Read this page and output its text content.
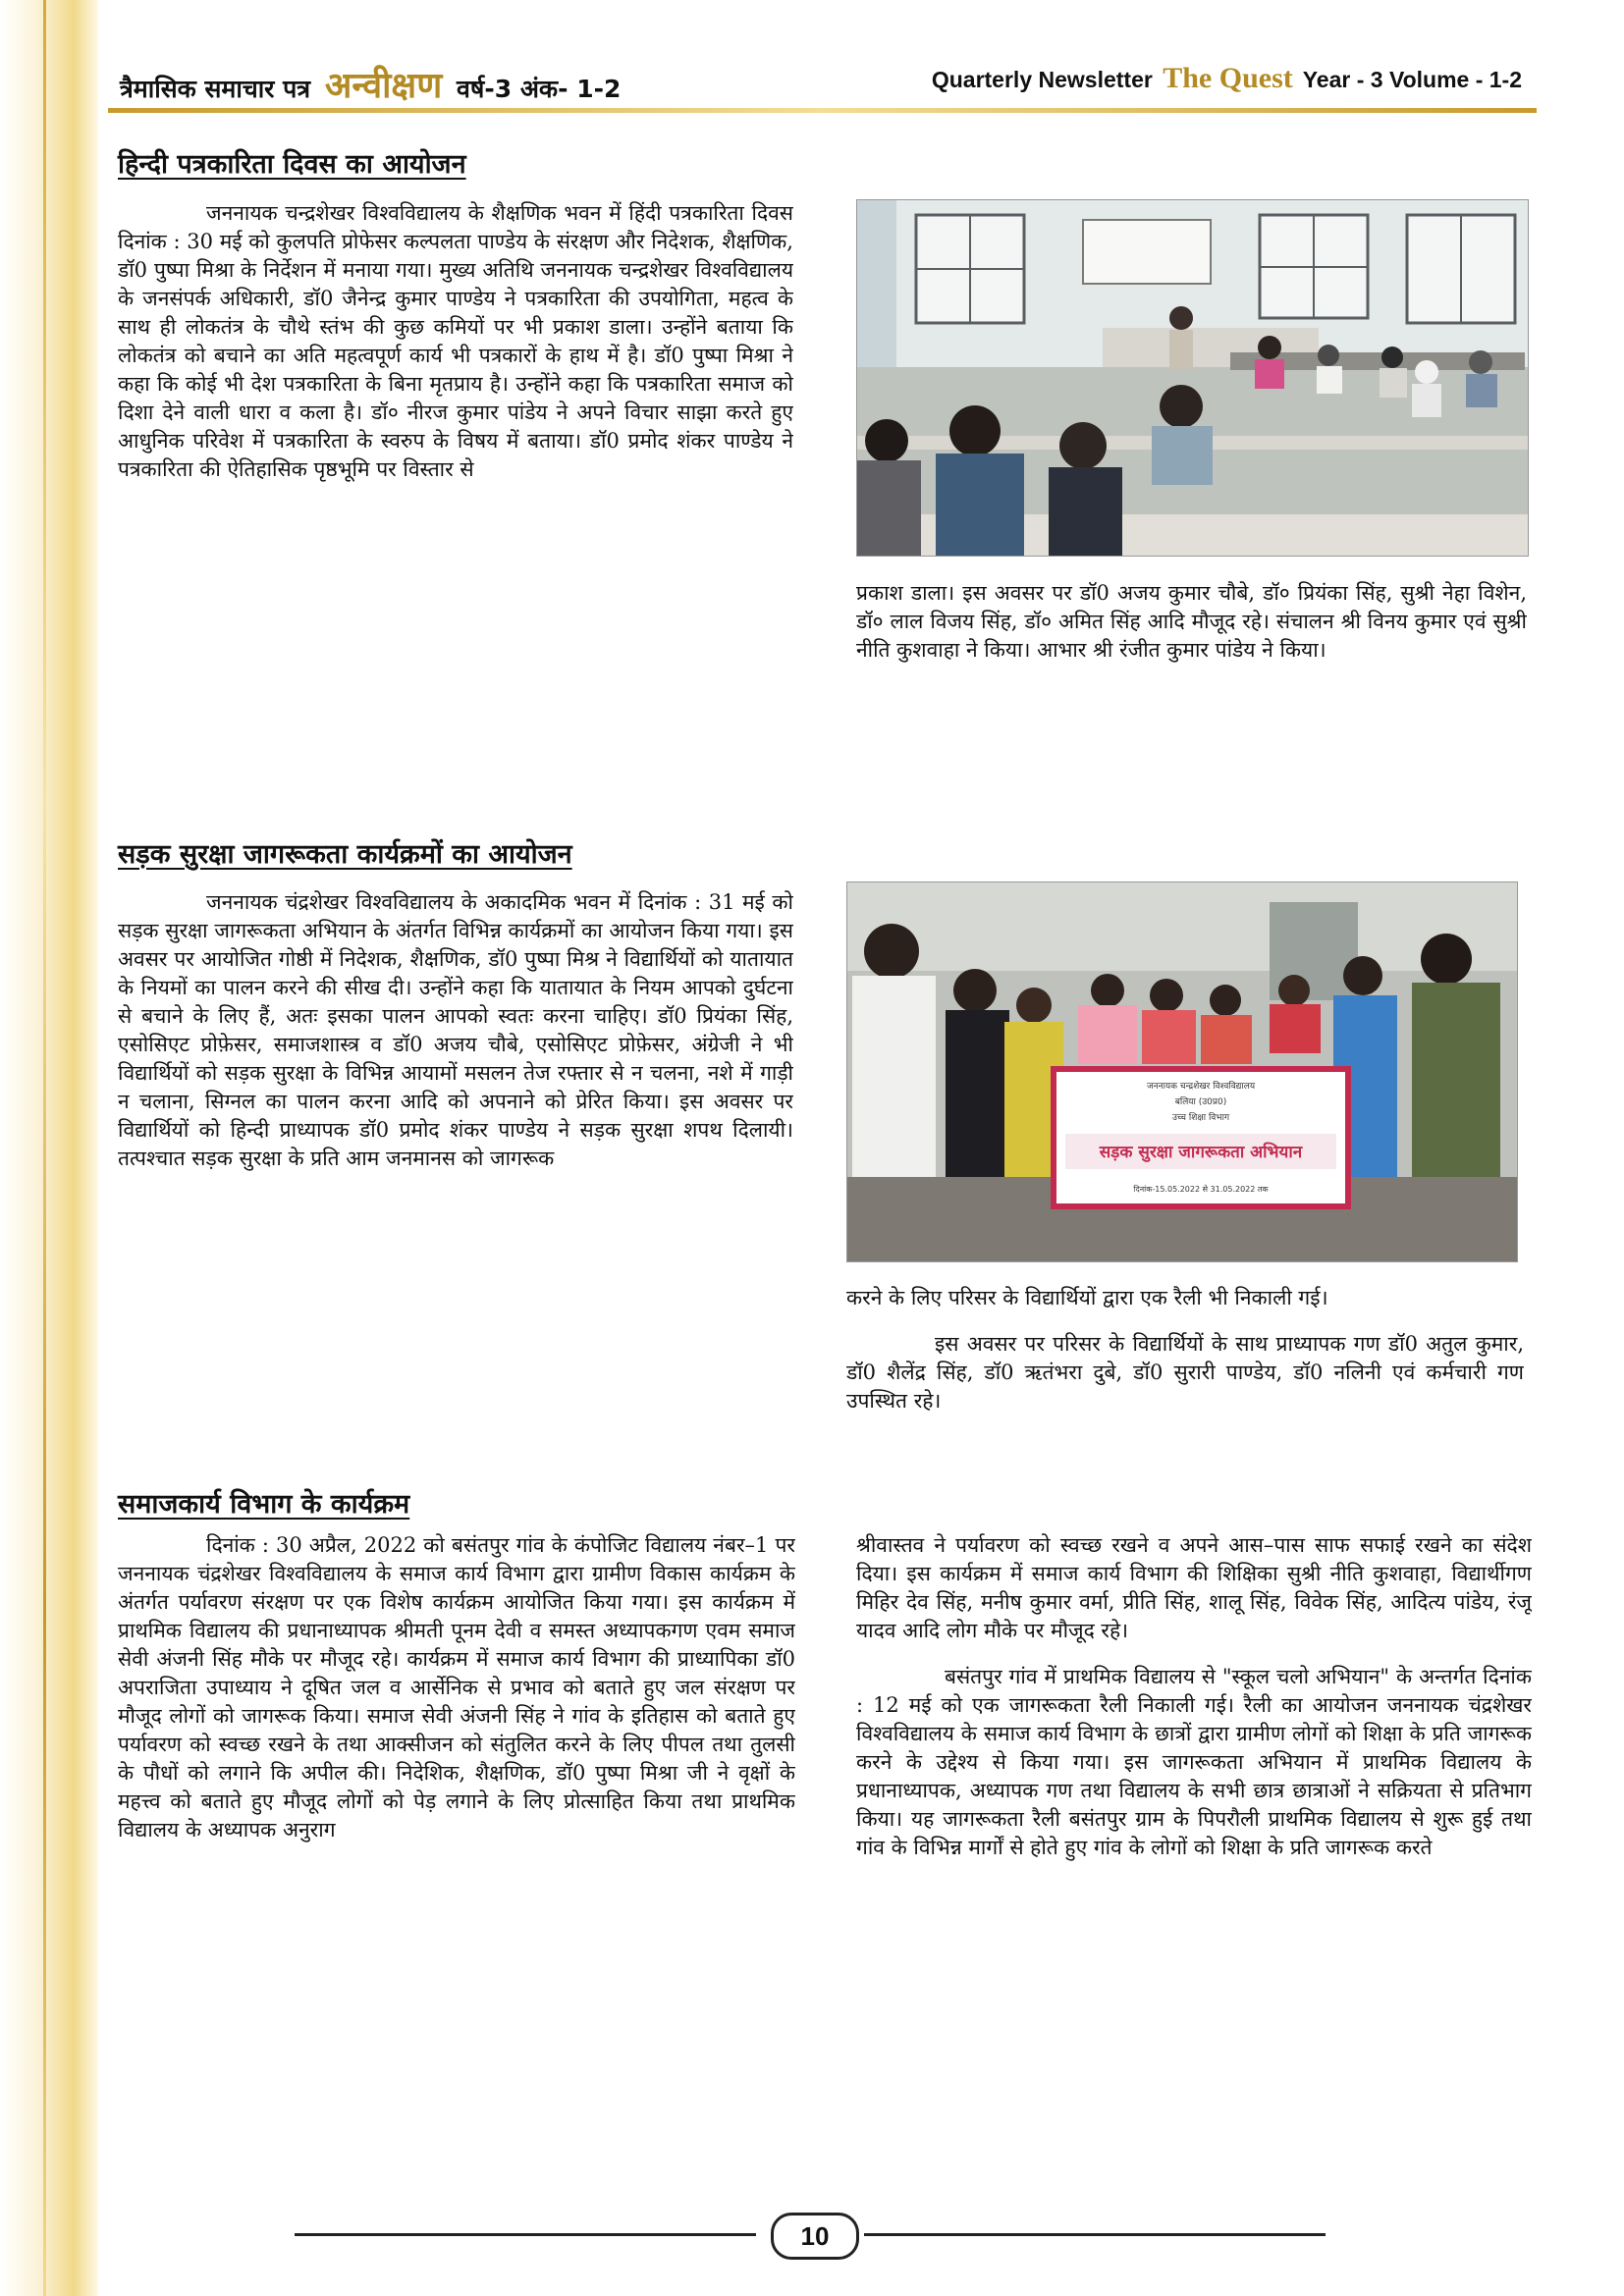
त्रैमासिक समाचार पत्र अन्वीक्षण वर्ष-3 अंक- 1-2	Quarterly Newsletter The Quest Year - 3 Volume - 1-2
हिन्दी पत्रकारिता दिवस का आयोजन

जननायक चन्द्रशेखर विश्वविद्यालय के शैक्षणिक भवन में हिंदी पत्रकारिता दिवस दिनांक : 30 मई को कुलपति प्रोफेसर कल्पलता पाण्डेय के संरक्षण और निदेशक, शैक्षणिक, डॉ0 पुष्पा मिश्रा के निर्देशन में मनाया गया। मुख्य अतिथि जननायक चन्द्रशेखर विश्वविद्यालय के जनसंपर्क अधिकारी, डॉ0 जैनेन्द्र कुमार पाण्डेय ने पत्रकारिता की उपयोगिता, महत्व के साथ ही लोकतंत्र के चौथे स्तंभ की कुछ कमियों पर भी प्रकाश डाला। उन्होंने बताया कि लोकतंत्र को बचाने का अति महत्वपूर्ण कार्य भी पत्रकारों के हाथ में है। डॉ0 पुष्पा मिश्रा ने कहा कि कोई भी देश पत्रकारिता के बिना मृतप्राय है। उन्होंने कहा कि पत्रकारिता समाज को दिशा देने वाली धारा व कला है। डॉ० नीरज कुमार पांडेय ने अपने विचार साझा करते हुए आधुनिक परिवेश में पत्रकारिता के स्वरुप के विषय में बताया। डॉ0 प्रमोद शंकर पाण्डेय ने पत्रकारिता की ऐतिहासिक पृष्ठभूमि पर विस्तार से

प्रकाश डाला। इस अवसर पर डॉ0 अजय कुमार चौबे, डॉ० प्रियंका सिंह, सुश्री नेहा विशेन, डॉ० लाल विजय सिंह, डॉ० अमित सिंह आदि मौजूद रहे। संचालन श्री विनय कुमार एवं सुश्री नीति कुशवाहा ने किया। आभार श्री रंजीत कुमार पांडेय ने किया।

सड़क सुरक्षा जागरूकता कार्यक्रमों का आयोजन

जननायक चंद्रशेखर विश्वविद्यालय के अकादमिक भवन में दिनांक : 31 मई को सड़क सुरक्षा जागरूकता अभियान के अंतर्गत विभिन्न कार्यक्रमों का आयोजन किया गया। इस अवसर पर आयोजित गोष्ठी में निदेशक, शैक्षणिक, डॉ0 पुष्पा मिश्र ने विद्यार्थियों को यातायात के नियमों का पालन करने की सीख दी। उन्होंने कहा कि यातायात के नियम आपको दुर्घटना से बचाने के लिए हैं, अतः इसका पालन आपको स्वतः करना चाहिए। डॉ0 प्रियंका सिंह, एसोसिएट प्रोफ़ेसर, समाजशास्त्र व डॉ0 अजय चौबे, एसोसिएट प्रोफ़ेसर, अंग्रेजी ने भी विद्यार्थियों को सड़क सुरक्षा के विभिन्न आयामों मसलन तेज रफ्तार से न चलना, नशे में गाड़ी न चलाना, सिग्नल का पालन करना आदि को अपनाने को प्रेरित किया। इस अवसर पर विद्यार्थियों को हिन्दी प्राध्यापक डॉ0 प्रमोद शंकर पाण्डेय ने सड़क सुरक्षा शपथ दिलायी। तत्पश्चात सड़क सुरक्षा के प्रति आम जनमानस को जागरूक

जननायक चन्द्रशेखर विश्वविद्यालय
बलिया (उ0प्र0)
उच्च शिक्षा विभाग
सड़क सुरक्षा जागरूकता अभियान
दिनांक-15.05.2022 से 31.05.2022 तक

करने के लिए परिसर के विद्यार्थियों द्वारा एक रैली भी निकाली गई।

इस अवसर पर परिसर के विद्यार्थियों के साथ प्राध्यापक गण डॉ0 अतुल कुमार, डॉ0 शैलेंद्र सिंह, डॉ0 ऋतंभरा दुबे, डॉ0 सुरारी पाण्डेय, डॉ0 नलिनी एवं कर्मचारी गण उपस्थित रहे।

समाजकार्य विभाग के कार्यक्रम

दिनांक : 30 अप्रैल, 2022 को बसंतपुर गांव के कंपोजिट विद्यालय नंबर–1 पर जननायक चंद्रशेखर विश्वविद्यालय के समाज कार्य विभाग द्वारा ग्रामीण विकास कार्यक्रम के अंतर्गत पर्यावरण संरक्षण पर एक विशेष कार्यक्रम आयोजित किया गया। इस कार्यक्रम में प्राथमिक विद्यालय की प्रधानाध्यापक श्रीमती पूनम देवी व समस्त अध्यापकगण एवम समाज सेवी अंजनी सिंह मौके पर मौजूद रहे। कार्यक्रम में समाज कार्य विभाग की प्राध्यापिका डॉ0 अपराजिता उपाध्याय ने दूषित जल व आर्सेनिक से प्रभाव को बताते हुए जल संरक्षण पर मौजूद लोगों को जागरूक किया। समाज सेवी अंजनी सिंह ने गांव के इतिहास को बताते हुए पर्यावरण को स्वच्छ रखने के तथा आक्सीजन को संतुलित करने के लिए पीपल तथा तुलसी के पौधों को लगाने कि अपील की। निदेशिक, शैक्षणिक, डॉ0 पुष्पा मिश्रा जी ने वृक्षों के महत्त्व को बताते हुए मौजूद लोगों को पेड़ लगाने के लिए प्रोत्साहित किया तथा प्राथमिक विद्यालय के अध्यापक अनुराग

श्रीवास्तव ने पर्यावरण को स्वच्छ रखने व अपने आस–पास साफ सफाई रखने का संदेश दिया। इस कार्यक्रम में समाज कार्य विभाग की शिक्षिका सुश्री नीति कुशवाहा, विद्यार्थीगण मिहिर देव सिंह, मनीष कुमार वर्मा, प्रीति सिंह, शालू सिंह, विवेक सिंह, आदित्य पांडेय, रंजू यादव आदि लोग मौके पर मौजूद रहे।

बसंतपुर गांव में प्राथमिक विद्यालय से "स्कूल चलो अभियान" के अन्तर्गत दिनांक : 12 मई को एक जागरूकता रैली निकाली गई। रैली का आयोजन जननायक चंद्रशेखर विश्वविद्यालय के समाज कार्य विभाग के छात्रों द्वारा ग्रामीण लोगों को शिक्षा के प्रति जागरूक करने के उद्देश्य से किया गया। इस जागरूकता अभियान में प्राथमिक विद्यालय के प्रधानाध्यापक, अध्यापक गण तथा विद्यालय के सभी छात्र छात्राओं ने सक्रियता से प्रतिभाग किया। यह जागरूकता रैली बसंतपुर ग्राम के पिपरौली प्राथमिक विद्यालय से शुरू हुई तथा गांव के विभिन्न मार्गों से होते हुए गांव के लोगों को शिक्षा के प्रति जागरूक करते

10
